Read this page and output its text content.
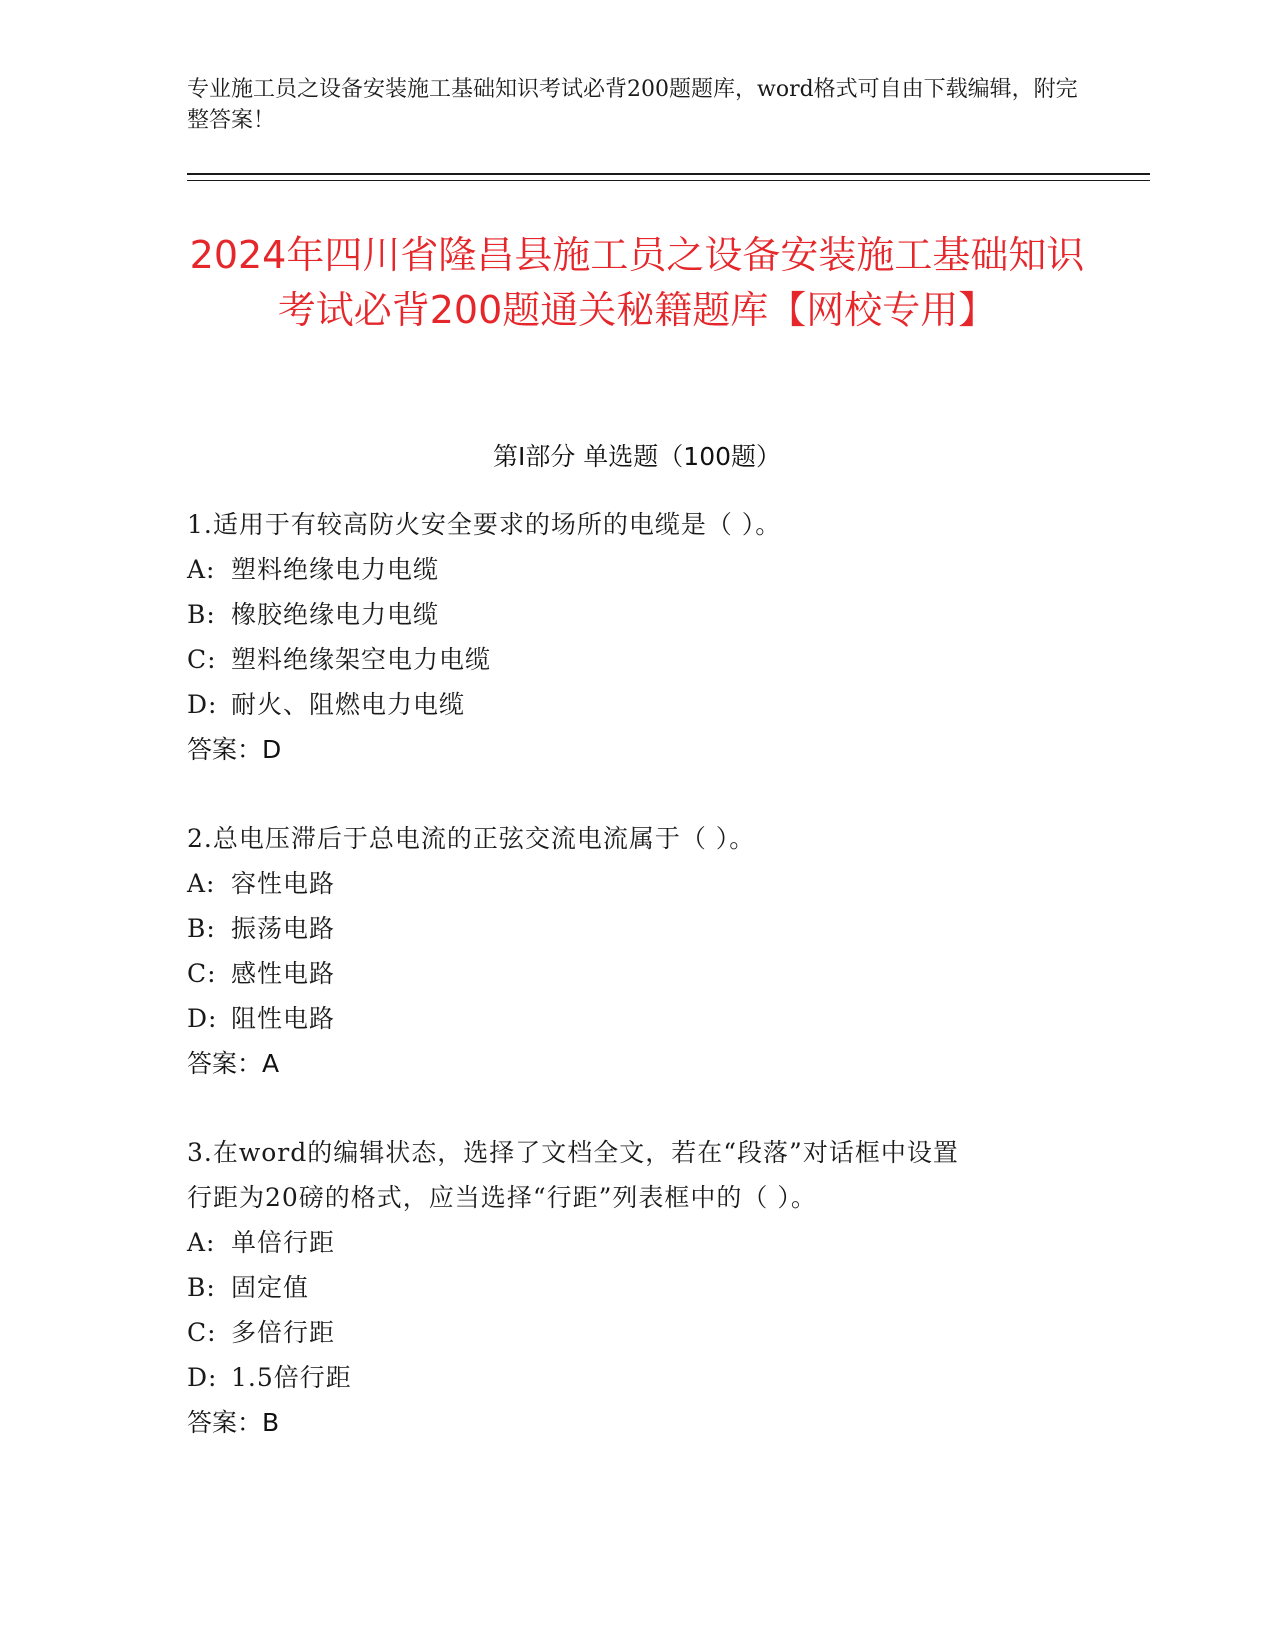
专业施工员之设备安装施工基础知识考试必背200题题库，word格式可自由下载编辑，附完整答案！
2024年四川省隆昌县施工员之设备安装施工基础知识考试必背200题通关秘籍题库【网校专用】
第I部分 单选题（100题）

1.适用于有较高防火安全要求的场所的电缆是（ ）。

A: 塑料绝缘电力电缆

B: 橡胶绝缘电力电缆

C: 塑料绝缘架空电力电缆

D: 耐火、阻燃电力电缆

答案：D

2.总电压滞后于总电流的正弦交流电流属于（ ）。

A: 容性电路

B: 振荡电路

C: 感性电路

D: 阻性电路

答案：A

3.在word的编辑状态，选择了文档全文，若在“段落”对话框中设置

行距为20磅的格式，应当选择“行距”列表框中的（ ）。

A: 单倍行距

B: 固定值

C: 多倍行距

D: 1.5倍行距

答案：B
